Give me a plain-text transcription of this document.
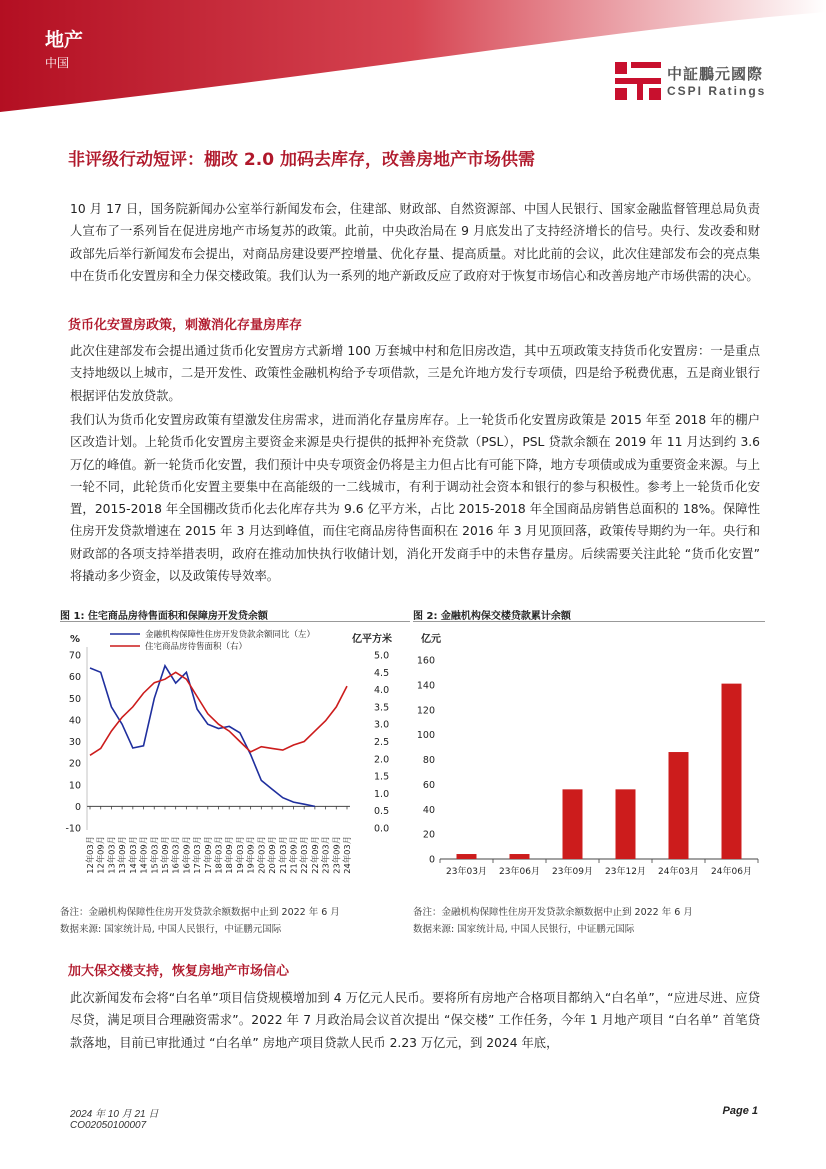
地产
中国
中証鵬元國際
CSPI Ratings
非评级行动短评：棚改 2.0 加码去库存，改善房地产市场供需

10 月 17 日，国务院新闻办公室举行新闻发布会，住建部、财政部、自然资源部、中国人民银行、国家金融监督管理总局负责人宣布了一系列旨在促进房地产市场复苏的政策。此前，中央政治局在 9 月底发出了支持经济增长的信号。央行、发改委和财政部先后举行新闻发布会提出，对商品房建设要严控增量、优化存量、提高质量。对比此前的会议，此次住建部发布会的亮点集中在货币化安置房和全力保交楼政策。我们认为一系列的地产新政反应了政府对于恢复市场信心和改善房地产市场供需的决心。

货币化安置房政策，刺激消化存量房库存

此次住建部发布会提出通过货币化安置房方式新增 100 万套城中村和危旧房改造，其中五项政策支持货币化安置房：一是重点支持地级以上城市，二是开发性、政策性金融机构给予专项借款，三是允许地方发行专项债，四是给予税费优惠，五是商业银行根据评估发放贷款。

我们认为货币化安置房政策有望激发住房需求，进而消化存量房库存。上一轮货币化安置房政策是 2015 年至 2018 年的棚户区改造计划。上轮货币化安置房主要资金来源是央行提供的抵押补充贷款（PSL），PSL 贷款余额在 2019 年 11 月达到约 3.6 万亿的峰值。新一轮货币化安置，我们预计中央专项资金仍将是主力但占比有可能下降，地方专项债或成为重要资金来源。与上一轮不同，此轮货币化安置主要集中在高能级的一二线城市，有利于调动社会资本和银行的参与积极性。参考上一轮货币化安置，2015-2018 年全国棚改货币化去化库存共为 9.6 亿平方米，占比 2015-2018 年全国商品房销售总面积的 18%。保障性住房开发贷款增速在 2015 年 3 月达到峰值，而住宅商品房待售面积在 2016 年 3 月见顶回落，政策传导期约为一年。央行和财政部的各项支持举措表明，政府在推动加快执行收储计划，消化开发商手中的未售存量房。后续需要关注此轮 “货币化安置” 将撬动多少资金，以及政策传导效率。

图 1: 住宅商品房待售面积和保障房开发贷余额
%	亿平方米
70
60
50
40
30
20
10
0
-10
5.0
4.5
4.0
3.5
3.0
2.5
2.0
1.5
1.0
0.5
0.0
12年03月 12年09月 13年03月 13年09月 14年03月 14年09月 15年03月 15年09月 16年03月 16年09月 17年03月 17年09月 18年03月 18年09月 19年03月 19年09月 20年03月 20年09月 21年03月 21年09月 22年03月 22年09月 23年03月 23年09月 24年03月
金融机构保障性住房开发贷款余额同比（左）
住宅商品房待售面积（右）
备注：金融机构保障性住房开发贷款余额数据中止到 2022 年 6 月
数据来源: 国家统计局, 中国人民银行，中证鹏元国际
图 2: 金融机构保交楼贷款累计余额
亿元
160
140
120
100
80
60
40
20
0
23年03月 23年06月 23年09月 23年12月 24年03月 24年06月
备注：金融机构保障性住房开发贷款余额数据中止到 2022 年 6 月
数据来源: 国家统计局, 中国人民银行，中证鹏元国际
加大保交楼支持，恢复房地产市场信心

此次新闻发布会将“白名单”项目信贷规模增加到 4 万亿元人民币。要将所有房地产合格项目都纳入“白名单”，“应进尽进、应贷尽贷，满足项目合理融资需求”。2022 年 7 月政治局会议首次提出 “保交楼” 工作任务，今年 1 月地产项目 “白名单” 首笔贷款落地，目前已审批通过 “白名单” 房地产项目贷款人民币 2.23 万亿元，到 2024 年底，

2024 年 10 月 21 日
CO02050100007
Page 1
